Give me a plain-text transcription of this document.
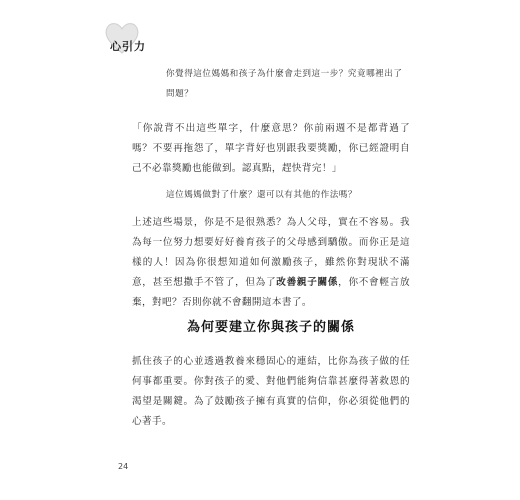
心引力
你覺得這位媽媽和孩子為什麼會走到這一步？究竟哪裡出了問題？
「你說背不出這些單字，什麼意思？你前兩週不是都背過了嗎？不要再拖怨了，單字背好也別跟我要獎勵，你已經證明自己不必靠獎勵也能做到。認真點，趕快背完！」
這位媽媽做對了什麼？還可以有其他的作法嗎？
上述這些場景，你是不是很熟悉？為人父母，實在不容易。我為每一位努力想要好好養育孩子的父母感到驕傲。而你正是這樣的人！因為你很想知道如何激勵孩子，雖然你對現狀不滿意，甚至想撒手不管了，但為了改善親子關係，你不會輕言放棄，對吧？否則你就不會翻開這本書了。
為何要建立你與孩子的關係
抓住孩子的心並透過教養來穩固心的連結，比你為孩子做的任何事都重要。你對孩子的愛、對他們能夠信靠甚麼得著救恩的渴望是關鍵。為了鼓勵孩子擁有真實的信仰，你必須從他們的心著手。
24
